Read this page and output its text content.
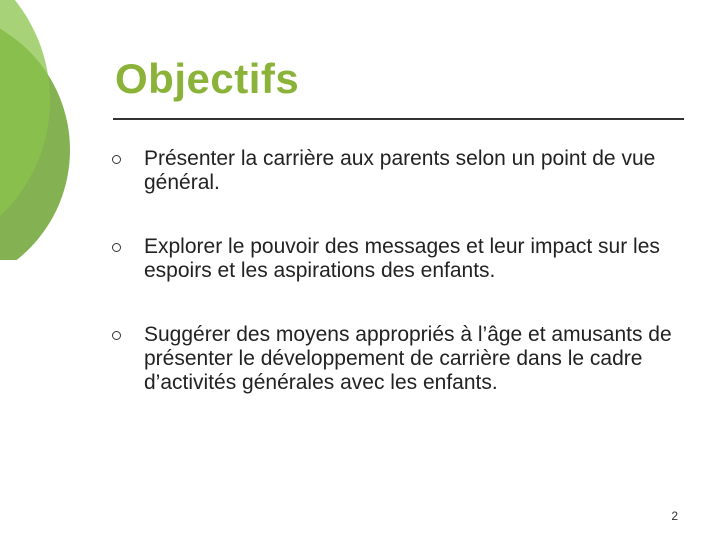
Objectifs
Présenter la carrière aux parents selon un point de vue général.
Explorer le pouvoir des messages et leur impact sur les espoirs et les aspirations des enfants.
Suggérer des moyens appropriés à l’âge et amusants de présenter le développement de carrière dans le cadre d’activités générales avec les enfants.
2
